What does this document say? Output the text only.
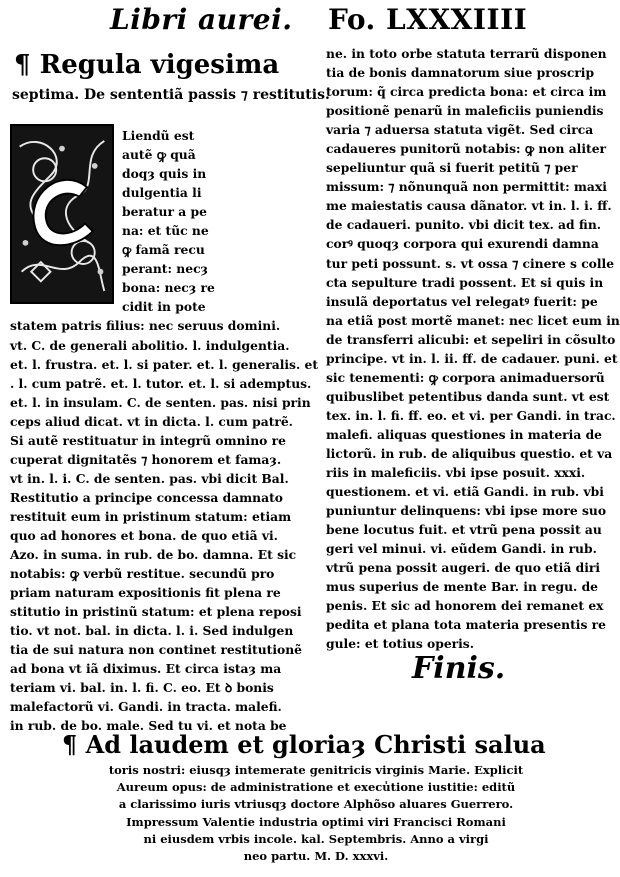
Libri aurei. Fo. LXXXIIII
¶ Regula vigesima
septima. De sententiã passis ⁊ restitutis.
Liendũ est
autẽ ꝙ quã
doqȝ quis in
dulgentia li
beratur a pe
na: et tũc ne
ꝙ famã recu
perant: necȝ
bona: necȝ re
cidit in pote
statem patris filius: nec seruus domini.
vt. C. de generali abolitio. l. indulgentia.
et. l. frustra. et. l. si pater. et. l. generalis. et
. l. cum patrẽ. et. l. tutor. et. l. si ademptus.
et. l. in insulam. C. de senten. pas. nisi prin
ceps aliud dicat. vt in dicta. l. cum patrẽ.
Si autẽ restituatur in integrũ omnino re
cuperat dignitatẽs ⁊ honorem et famaȝ.
vt in. l. i. C. de senten. pas. vbi dicit Bal.
Restitutio a principe concessa damnato
restituit eum in pristinum statum: etiam
quo ad honores et bona. de quo etiã vi.
Azo. in suma. in rub. de bo. damna. Et sic
notabis: ꝙ verbũ restitue. secundũ pro
priam naturam expositionis fit plena re
stitutio in pristinũ statum: et plena reposi
tio. vt not. bal. in dicta. l. i. Sed indulgen
tia de sui natura non continet restitutionẽ
ad bona vt iã diximus. Et circa istaȝ ma
teriam vi. bal. in. l. fi. C. eo. Et ꝺ bonis
malefactorũ vi. Gandi. in tracta. malefi.
in rub. de bo. male. Sed tu vi. et nota be
ne. in toto orbe statuta terrarũ disponen
tia de bonis damnatorum siue proscrip
torum: q̃ circa predicta bona: et circa im
positionẽ penarũ in maleficiis puniendis
varia ⁊ aduersa statuta vigẽt. Sed circa
cadaueres punitorũ notabis: ꝙ non aliter
sepeliuntur quã si fuerit petitũ ⁊ per
missum: ⁊ nõnunquã non permittit: maxi
me maiestatis causa dãnator. vt in. l. i. ff.
de cadaueri. punito. vbi dicit tex. ad fin.
corꝰ quoqȝ corpora qui exurendi damna
tur peti possunt. s. vt ossa ⁊ cinere s colle
cta sepulture tradi possent. Et si quis in
insulã deportatus vel relegatꝰ fuerit: pe
na etiã post mortẽ manet: nec licet eum in
de transferri alicubi: et sepeliri in cõsulto
principe. vt in. l. ii. ff. de cadauer. puni. et
sic tenementi: ꝙ corpora animaduersorũ
quibuslibet petentibus danda sunt. vt est
tex. in. l. fi. ff. eo. et vi. per Gandi. in trac.
malefi. aliquas questiones in materia de
lictorũ. in rub. de aliquibus questio. et va
riis in maleficiis. vbi ipse posuit. xxxi.
questionem. et vi. etiã Gandi. in rub. vbi
puniuntur delinquens: vbi ipse more suo
bene locutus fuit. et vtrũ pena possit au
geri vel minui. vi. eũdem Gandi. in rub.
vtrũ pena possit augeri. de quo etiã diri
mus superius de mente Bar. in regu. de
penis. Et sic ad honorem dei remanet ex
pedita et plana tota materia presentis re
gule: et totius operis.
Finis.
¶ Ad laudem et gloriaȝ Christi salua
toris nostri: eiusqȝ intemerate genitricis virginis Marie. Explicit
Aureum opus: de administratione et execu̾tione iustitie: editũ
a clarissimo iuris vtriusqȝ doctore Alphõso aluares Guerrero.
Impressum Valentie industria optimi viri Francisci Romani
ni eiusdem vrbis incole. kal. Septembris. Anno a virgi
neo partu. M. D. xxxvi.
